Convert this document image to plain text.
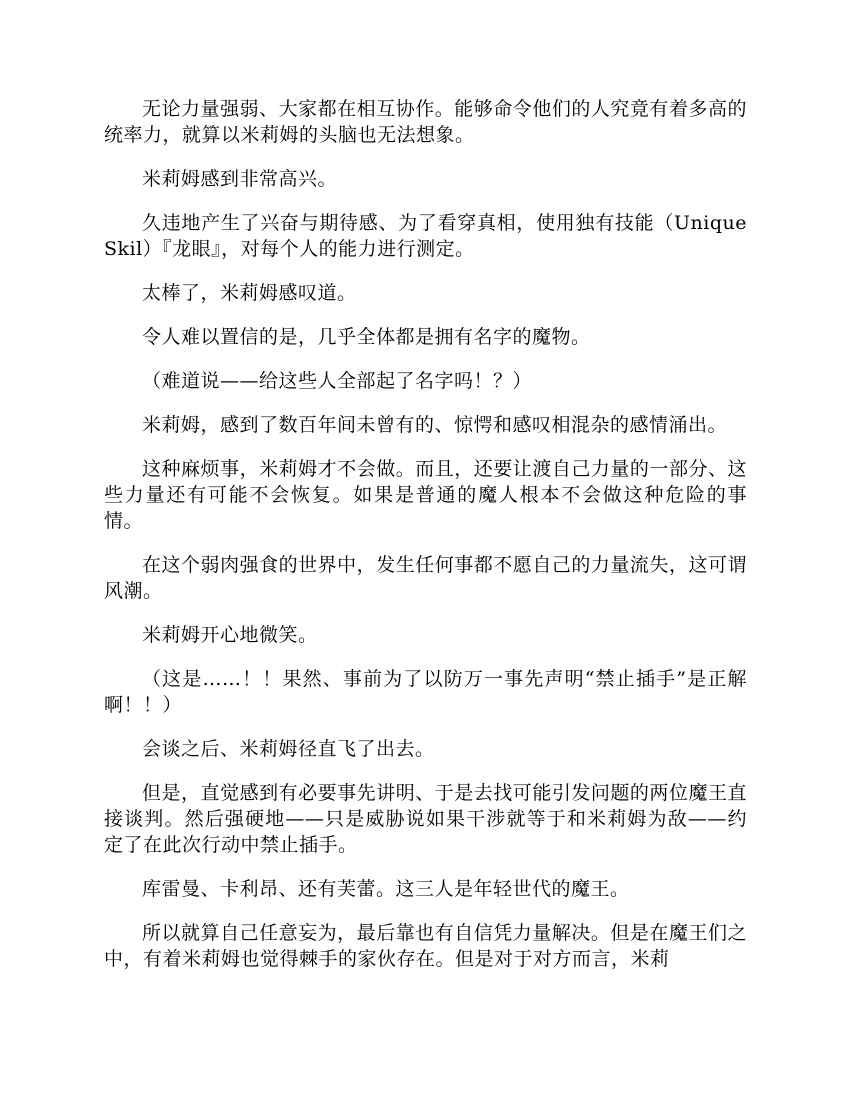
无论力量强弱、大家都在相互协作。能够命令他们的人究竟有着多高的统率力，就算以米莉姆的头脑也无法想象。

米莉姆感到非常高兴。

久违地产生了兴奋与期待感、为了看穿真相，使用独有技能（UniqueSkil）『龙眼』，对每个人的能力进行测定。

太棒了，米莉姆感叹道。

令人难以置信的是，几乎全体都是拥有名字的魔物。

（难道说——给这些人全部起了名字吗！？）

米莉姆，感到了数百年间未曾有的、惊愕和感叹相混杂的感情涌出。

这种麻烦事，米莉姆才不会做。而且，还要让渡自己力量的一部分、这些力量还有可能不会恢复。如果是普通的魔人根本不会做这种危险的事情。

在这个弱肉强食的世界中，发生任何事都不愿自己的力量流失，这可谓风潮。

米莉姆开心地微笑。

（这是……！！果然、事前为了以防万一事先声明“禁止插手”是正解啊！！）

会谈之后、米莉姆径直飞了出去。

但是，直觉感到有必要事先讲明、于是去找可能引发问题的两位魔王直接谈判。然后强硬地——只是威胁说如果干涉就等于和米莉姆为敌——约定了在此次行动中禁止插手。

库雷曼、卡利昂、还有芙蕾。这三人是年轻世代的魔王。

所以就算自己任意妄为，最后靠也有自信凭力量解决。但是在魔王们之中，有着米莉姆也觉得棘手的家伙存在。但是对于对方而言，米莉
